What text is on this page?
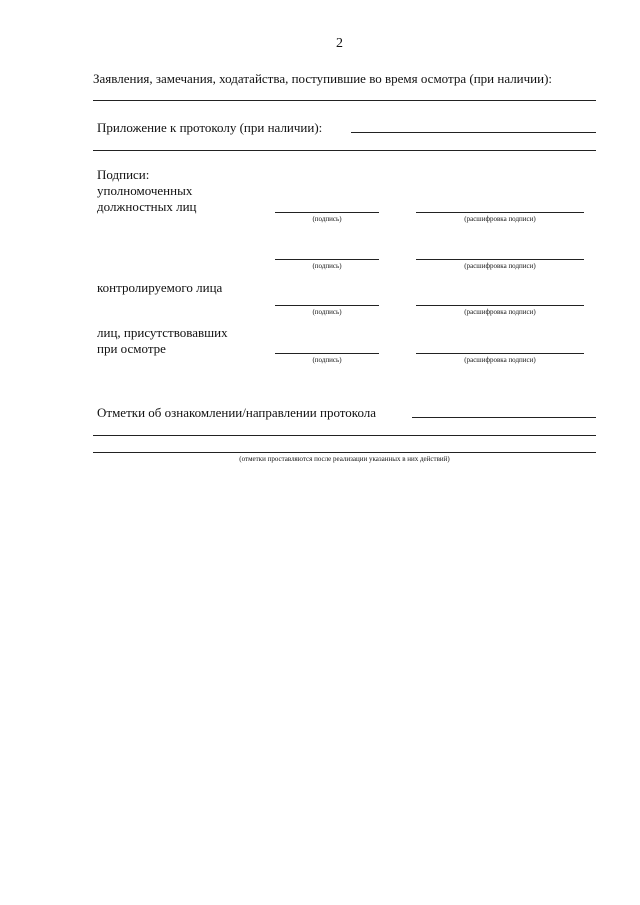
2
Заявления, замечания, ходатайства, поступившие во время осмотра (при наличии):
Приложение к протоколу (при наличии):
Подписи:
уполномоченных
должностных лиц
(подпись)	(расшифровка подписи)
(подпись)	(расшифровка подписи)
контролируемого лица
(подпись)	(расшифровка подписи)
лиц, присутствовавших
при осмотре
(подпись)	(расшифровка подписи)
Отметки об ознакомлении/направлении протокола
(отметки проставляются после реализации указанных в них действий)
